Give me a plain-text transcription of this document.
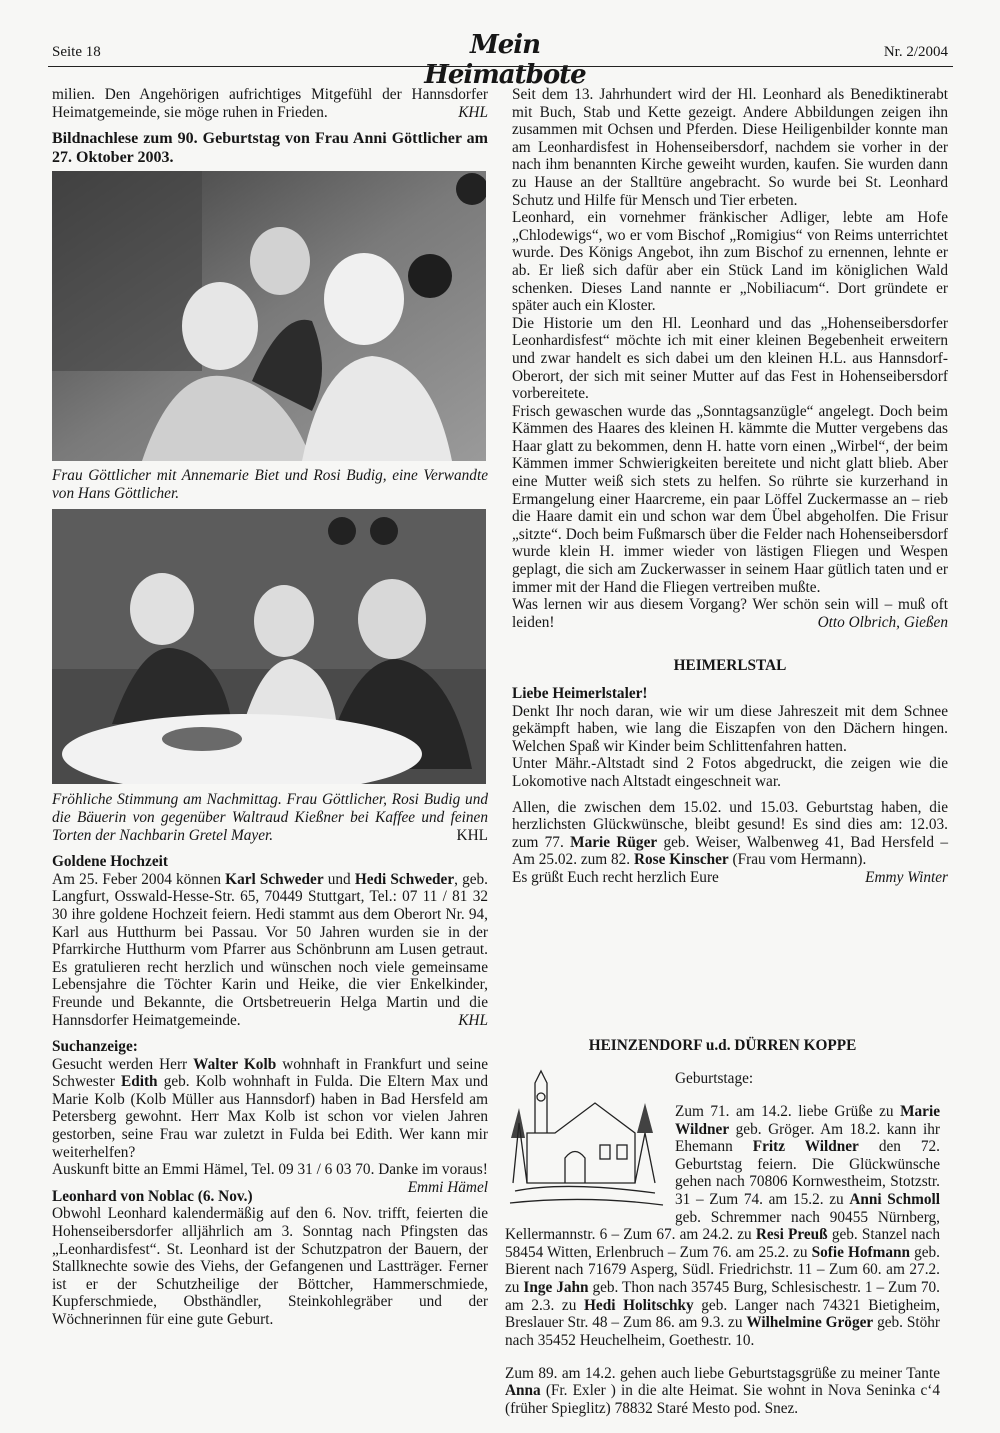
Seite 18	Mein Heimatbote
Nr. 2/2004

milien. Den Angehörigen aufrichtiges Mitgefühl der Hannsdorfer Heimatgemeinde, sie möge ruhen in Frieden.	KHL

Bildnachlese zum 90. Geburtstag von Frau Anni Göttlicher am 27. Oktober 2003.

Frau Göttlicher mit Annemarie Biet und Rosi Budig, eine Verwandte von Hans Göttlicher.

Fröhliche Stimmung am Nachmittag. Frau Göttlicher, Rosi Budig und die Bäuerin von gegenüber Waltraud Kießner bei Kaffee und feinen Torten der Nachbarin Gretel Mayer.	KHL

Goldene Hochzeit

Am 25. Feber 2004 können Karl Schweder und Hedi Schweder, geb. Langfurt, Osswald-Hesse-Str. 65, 70449 Stuttgart, Tel.: 07 11 / 81 32 30 ihre goldene Hochzeit feiern. Hedi stammt aus dem Oberort Nr. 94, Karl aus Hutthurm bei Passau. Vor 50 Jahren wurden sie in der Pfarrkirche Hutthurm vom Pfarrer aus Schönbrunn am Lusen getraut. Es gratulieren recht herzlich und wünschen noch viele gemeinsame Lebensjahre die Töchter Karin und Heike, die vier Enkelkinder, Freunde und Bekannte, die Ortsbetreuerin Helga Martin und die Hannsdorfer Heimatgemeinde.	KHL

Suchanzeige:

Gesucht werden Herr Walter Kolb wohnhaft in Frankfurt und seine Schwester Edith geb. Kolb wohnhaft in Fulda. Die Eltern Max und Marie Kolb (Kolb Müller aus Hannsdorf) haben in Bad Hersfeld am Petersberg gewohnt. Herr Max Kolb ist schon vor vielen Jahren gestorben, seine Frau war zuletzt in Fulda bei Edith. Wer kann mir weiterhelfen?

Auskunft bitte an Emmi Hämel, Tel. 09 31 / 6 03 70. Danke im voraus!
Emmi Hämel

Leonhard von Noblac (6. Nov.)

Obwohl Leonhard kalendermäßig auf den 6. Nov. trifft, feierten die Hohenseibersdorfer alljährlich am 3. Sonntag nach Pfingsten das „Leonhardisfest“. St. Leonhard ist der Schutzpatron der Bauern, der Stallknechte sowie des Viehs, der Gefangenen und Lastträger. Ferner ist er der Schutzheilige der Böttcher, Hammerschmiede, Kupferschmiede, Obsthändler, Steinkohlegräber und der Wöchnerinnen für eine gute Geburt.

Seit dem 13. Jahrhundert wird der Hl. Leonhard als Benediktinerabt mit Buch, Stab und Kette gezeigt. Andere Abbildungen zeigen ihn zusammen mit Ochsen und Pferden. Diese Heiligenbilder konnte man am Leonhardisfest in Hohenseibersdorf, nachdem sie vorher in der nach ihm benannten Kirche geweiht wurden, kaufen. Sie wurden dann zu Hause an der Stalltüre angebracht. So wurde bei St. Leonhard Schutz und Hilfe für Mensch und Tier erbeten.

Leonhard, ein vornehmer fränkischer Adliger, lebte am Hofe „Chlodewigs“, wo er vom Bischof „Romigius“ von Reims unterrichtet wurde. Des Königs Angebot, ihn zum Bischof zu ernennen, lehnte er ab. Er ließ sich dafür aber ein Stück Land im königlichen Wald schenken. Dieses Land nannte er „Nobiliacum“. Dort gründete er später auch ein Kloster.

Die Historie um den Hl. Leonhard und das „Hohenseibersdorfer Leonhardisfest“ möchte ich mit einer kleinen Begebenheit erweitern und zwar handelt es sich dabei um den kleinen H.L. aus Hannsdorf-Oberort, der sich mit seiner Mutter auf das Fest in Hohenseibersdorf vorbereitete.

Frisch gewaschen wurde das „Sonntagsanzügle“ angelegt. Doch beim Kämmen des Haares des kleinen H. kämmte die Mutter vergebens das Haar glatt zu bekommen, denn H. hatte vorn einen „Wirbel“, der beim Kämmen immer Schwierigkeiten bereitete und nicht glatt blieb. Aber eine Mutter weiß sich stets zu helfen. So rührte sie kurzerhand in Ermangelung einer Haarcreme, ein paar Löffel Zuckermasse an – rieb die Haare damit ein und schon war dem Übel abgeholfen. Die Frisur „sitzte“. Doch beim Fußmarsch über die Felder nach Hohenseibersdorf wurde klein H. immer wieder von lästigen Fliegen und Wespen geplagt, die sich am Zuckerwasser in seinem Haar gütlich taten und er immer mit der Hand die Fliegen vertreiben mußte.

Was lernen wir aus diesem Vorgang? Wer schön sein will – muß oft leiden!	Otto Olbrich, Gießen

HEIMERLSTAL

Liebe Heimerlstaler!

Denkt Ihr noch daran, wie wir um diese Jahreszeit mit dem Schnee gekämpft haben, wie lang die Eiszapfen von den Dächern hingen. Welchen Spaß wir Kinder beim Schlittenfahren hatten.

Unter Mähr.-Altstadt sind 2 Fotos abgedruckt, die zeigen wie die Lokomotive nach Altstadt eingeschneit war.

Allen, die zwischen dem 15.02. und 15.03. Geburtstag haben, die herzlichsten Glückwünsche, bleibt gesund! Es sind dies am: 12.03. zum 77. Marie Rüger geb. Weiser, Walbenweg 41, Bad Hersfeld – Am 25.02. zum 82. Rose Kinscher (Frau vom Hermann).

Es grüßt Euch recht herzlich Eure	Emmy Winter

HEINZENDORF u.d. DÜRREN KOPPE

Geburtstage:

Zum 71. am 14.2. liebe Grüße zu Marie Wildner geb. Gröger. Am 18.2. kann ihr Ehemann Fritz Wildner den 72. Geburtstag feiern. Die Glückwünsche gehen nach 70806 Kornwestheim, Stotzstr. 31 – Zum 74. am 15.2. zu Anni Schmoll geb. Schremmer nach 90455 Nürnberg, Kellermannstr. 6 – Zum 67. am 24.2. zu Resi Preuß geb. Stanzel nach 58454 Witten, Erlenbruch – Zum 76. am 25.2. zu Sofie Hofmann geb. Bierent nach 71679 Asperg, Südl. Friedrichstr. 11 – Zum 60. am 27.2. zu Inge Jahn geb. Thon nach 35745 Burg, Schlesischestr. 1 – Zum 70. am 2.3. zu Hedi Holitschky geb. Langer nach 74321 Bietigheim, Breslauer Str. 48 – Zum 86. am 9.3. zu Wilhelmine Gröger geb. Stöhr nach 35452 Heuchelheim, Goethestr. 10.

Zum 89. am 14.2. gehen auch liebe Geburtstagsgrüße zu meiner Tante Anna (Fr. Exler ) in die alte Heimat. Sie wohnt in Nova Seninka c‘4 (früher Spieglitz) 78832 Staré Mesto pod. Snez.
